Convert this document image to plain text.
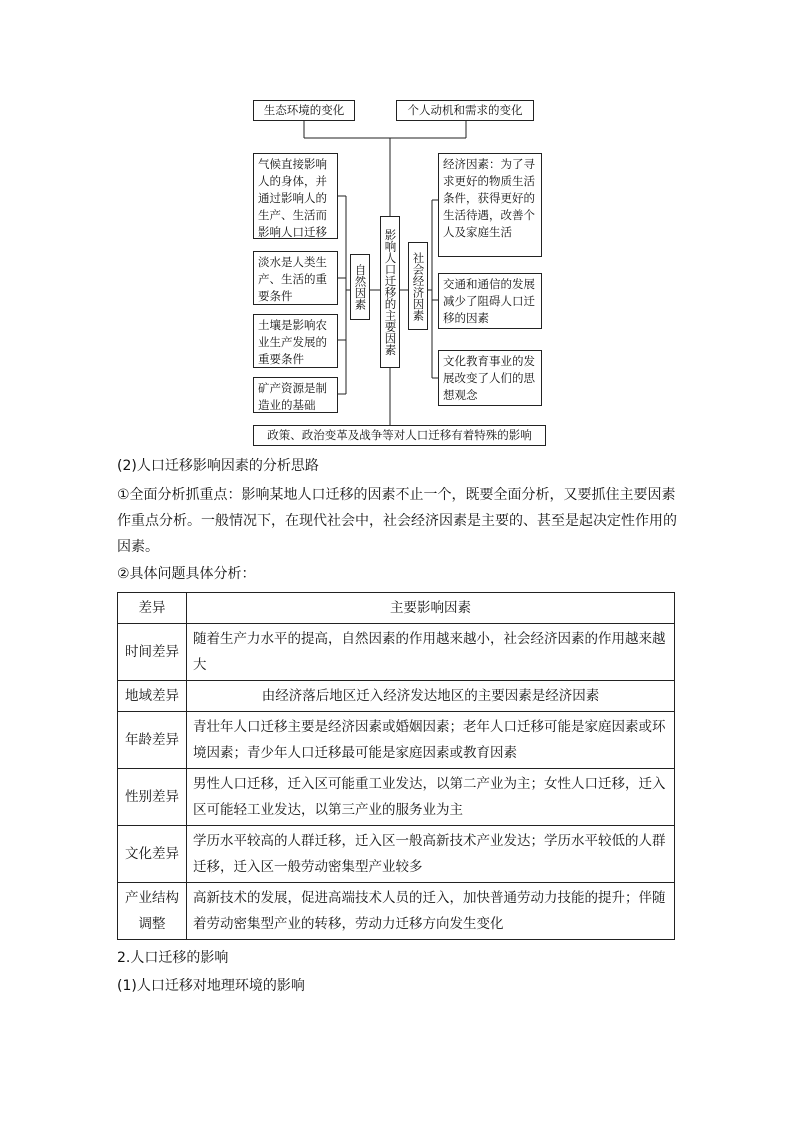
生态环境的变化	个人动机和需求的变化
影响人口迁移的主要因素
自然因素	社会经济因素
气候直接影响人的身体，并通过影响人的生产、生活而影响人口迁移
淡水是人类生产、生活的重要条件
土壤是影响农业生产发展的重要条件
矿产资源是制造业的基础
经济因素：为了寻求更好的物质生活条件，获得更好的生活待遇，改善个人及家庭生活
交通和通信的发展减少了阻碍人口迁移的因素
文化教育事业的发展改变了人们的思想观念
政策、政治变革及战争等对人口迁移有着特殊的影响
(2)人口迁移影响因素的分析思路
①全面分析抓重点：影响某地人口迁移的因素不止一个，既要全面分析，又要抓住主要因素作重点分析。一般情况下，在现代社会中，社会经济因素是主要的、甚至是起决定性作用的因素。
②具体问题具体分析：
差异	主要影响因素
时间差异	随着生产力水平的提高，自然因素的作用越来越小，社会经济因素的作用越来越大
地域差异	由经济落后地区迁入经济发达地区的主要因素是经济因素
年龄差异	青壮年人口迁移主要是经济因素或婚姻因素；老年人口迁移可能是家庭因素或环境因素；青少年人口迁移最可能是家庭因素或教育因素
性别差异	男性人口迁移，迁入区可能重工业发达，以第二产业为主；女性人口迁移，迁入区可能轻工业发达，以第三产业的服务业为主
文化差异	学历水平较高的人群迁移，迁入区一般高新技术产业发达；学历水平较低的人群迁移，迁入区一般劳动密集型产业较多
产业结构调整	高新技术的发展，促进高端技术人员的迁入，加快普通劳动力技能的提升；伴随着劳动密集型产业的转移，劳动力迁移方向发生变化
2.人口迁移的影响
(1)人口迁移对地理环境的影响
